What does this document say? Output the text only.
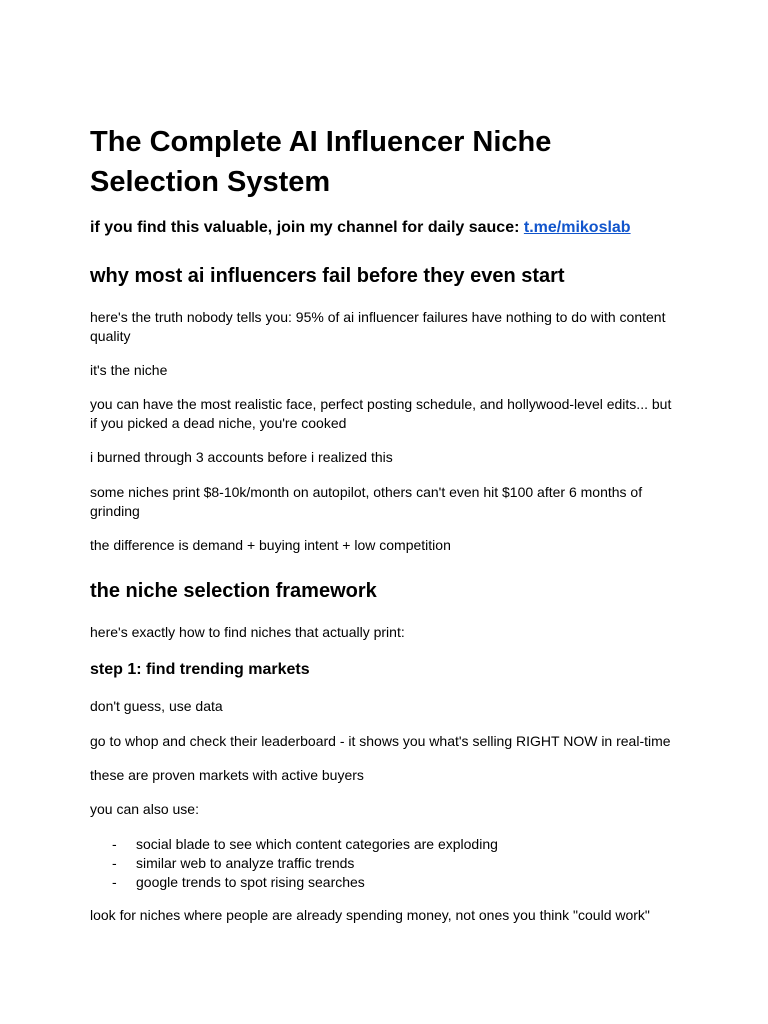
The Complete AI Influencer Niche Selection System

if you find this valuable, join my channel for daily sauce: t.me/mikoslab

why most ai influencers fail before they even start

here's the truth nobody tells you: 95% of ai influencer failures have nothing to do with content quality

it's the niche

you can have the most realistic face, perfect posting schedule, and hollywood-level edits... but if you picked a dead niche, you're cooked

i burned through 3 accounts before i realized this

some niches print $8-10k/month on autopilot, others can't even hit $100 after 6 months of grinding

the difference is demand + buying intent + low competition

the niche selection framework

here's exactly how to find niches that actually print:

step 1: find trending markets

don't guess, use data

go to whop and check their leaderboard - it shows you what's selling RIGHT NOW in real-time

these are proven markets with active buyers

you can also use:

- social blade to see which content categories are exploding
- similar web to analyze traffic trends
- google trends to spot rising searches

look for niches where people are already spending money, not ones you think "could work"
